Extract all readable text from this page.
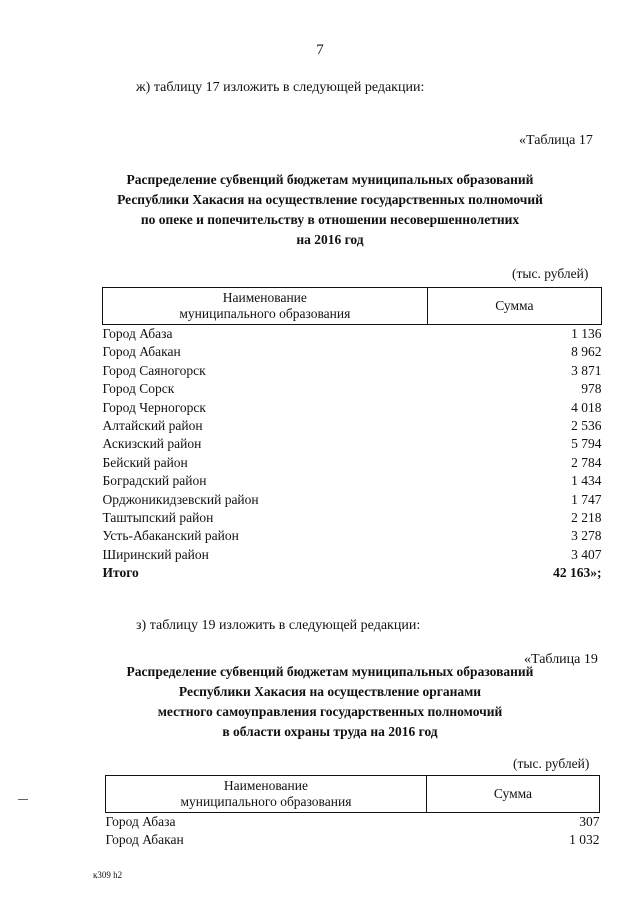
7
ж) таблицу 17 изложить в следующей редакции:
«Таблица 17
Распределение субвенций бюджетам муниципальных образований
Республики Хакасия на осуществление государственных полномочий
по опеке и попечительству в отношении несовершеннолетних
на 2016 год
(тыс. рублей)
Наименование
муниципального образования	Сумма
Город Абаза	1 136
Город Абакан	8 962
Город Саяногорск	3 871
Город Сорск	978
Город Черногорск	4 018
Алтайский район	2 536
Аскизский район	5 794
Бейский район	2 784
Боградский район	1 434
Орджоникидзевский район	1 747
Таштыпский район	2 218
Усть-Абаканский район	3 278
Ширинский район	3 407
Итого	42 163»;
з) таблицу 19 изложить в следующей редакции:
«Таблица 19
Распределение субвенций бюджетам муниципальных образований
Республики Хакасия на осуществление органами
местного самоуправления государственных полномочий
в области охраны труда на 2016 год
(тыс. рублей)
Наименование
муниципального образования	Сумма
Город Абаза	307
Город Абакан	1 032
к309 h2
